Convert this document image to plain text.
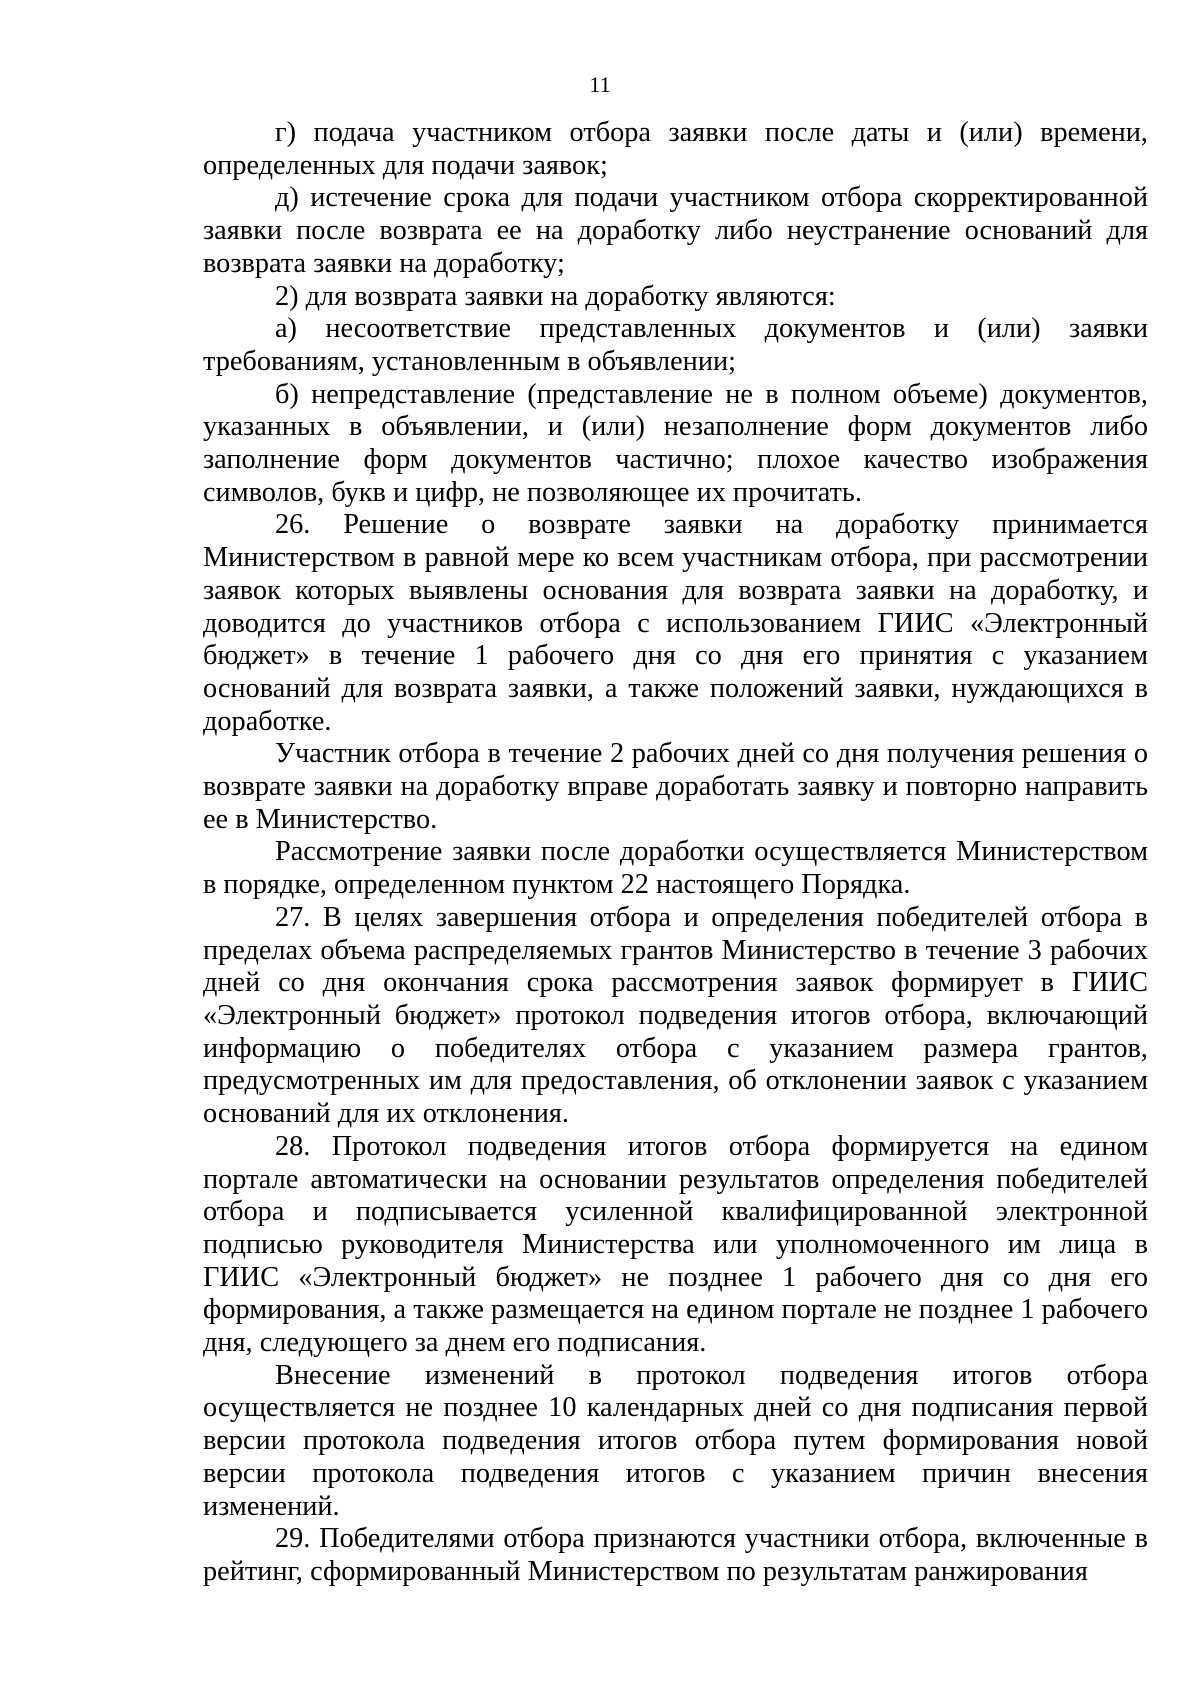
11

г) подача участником отбора заявки после даты и (или) времени, определенных для подачи заявок;

д) истечение срока для подачи участником отбора скорректированной заявки после возврата ее на доработку либо неустранение оснований для возврата заявки на доработку;

2) для возврата заявки на доработку являются:

а) несоответствие представленных документов и (или) заявки требованиям, установленным в объявлении;

б) непредставление (представление не в полном объеме) документов, указанных в объявлении, и (или) незаполнение форм документов либо заполнение форм документов частично; плохое качество изображения символов, букв и цифр, не позволяющее их прочитать.

26. Решение о возврате заявки на доработку принимается Министерством в равной мере ко всем участникам отбора, при рассмотрении заявок которых выявлены основания для возврата заявки на доработку, и доводится до участников отбора с использованием ГИИС «Электронный бюджет» в течение 1 рабочего дня со дня его принятия с указанием оснований для возврата заявки, а также положений заявки, нуждающихся в доработке.

Участник отбора в течение 2 рабочих дней со дня получения решения о возврате заявки на доработку вправе доработать заявку и повторно направить ее в Министерство.

Рассмотрение заявки после доработки осуществляется Министерством в порядке, определенном пунктом 22 настоящего Порядка.

27. В целях завершения отбора и определения победителей отбора в пределах объема распределяемых грантов Министерство в течение 3 рабочих дней со дня окончания срока рассмотрения заявок формирует в ГИИС «Электронный бюджет» протокол подведения итогов отбора, включающий информацию о победителях отбора с указанием размера грантов, предусмотренных им для предоставления, об отклонении заявок с указанием оснований для их отклонения.

28. Протокол подведения итогов отбора формируется на едином портале автоматически на основании результатов определения победителей отбора и подписывается усиленной квалифицированной электронной подписью руководителя Министерства или уполномоченного им лица в ГИИС «Электронный бюджет» не позднее 1 рабочего дня со дня его формирования, а также размещается на едином портале не позднее 1 рабочего дня, следующего за днем его подписания.

Внесение изменений в протокол подведения итогов отбора осуществляется не позднее 10 календарных дней со дня подписания первой версии протокола подведения итогов отбора путем формирования новой версии протокола подведения итогов с указанием причин внесения изменений.

29. Победителями отбора признаются участники отбора, включенные в рейтинг, сформированный Министерством по результатам ранжирования
